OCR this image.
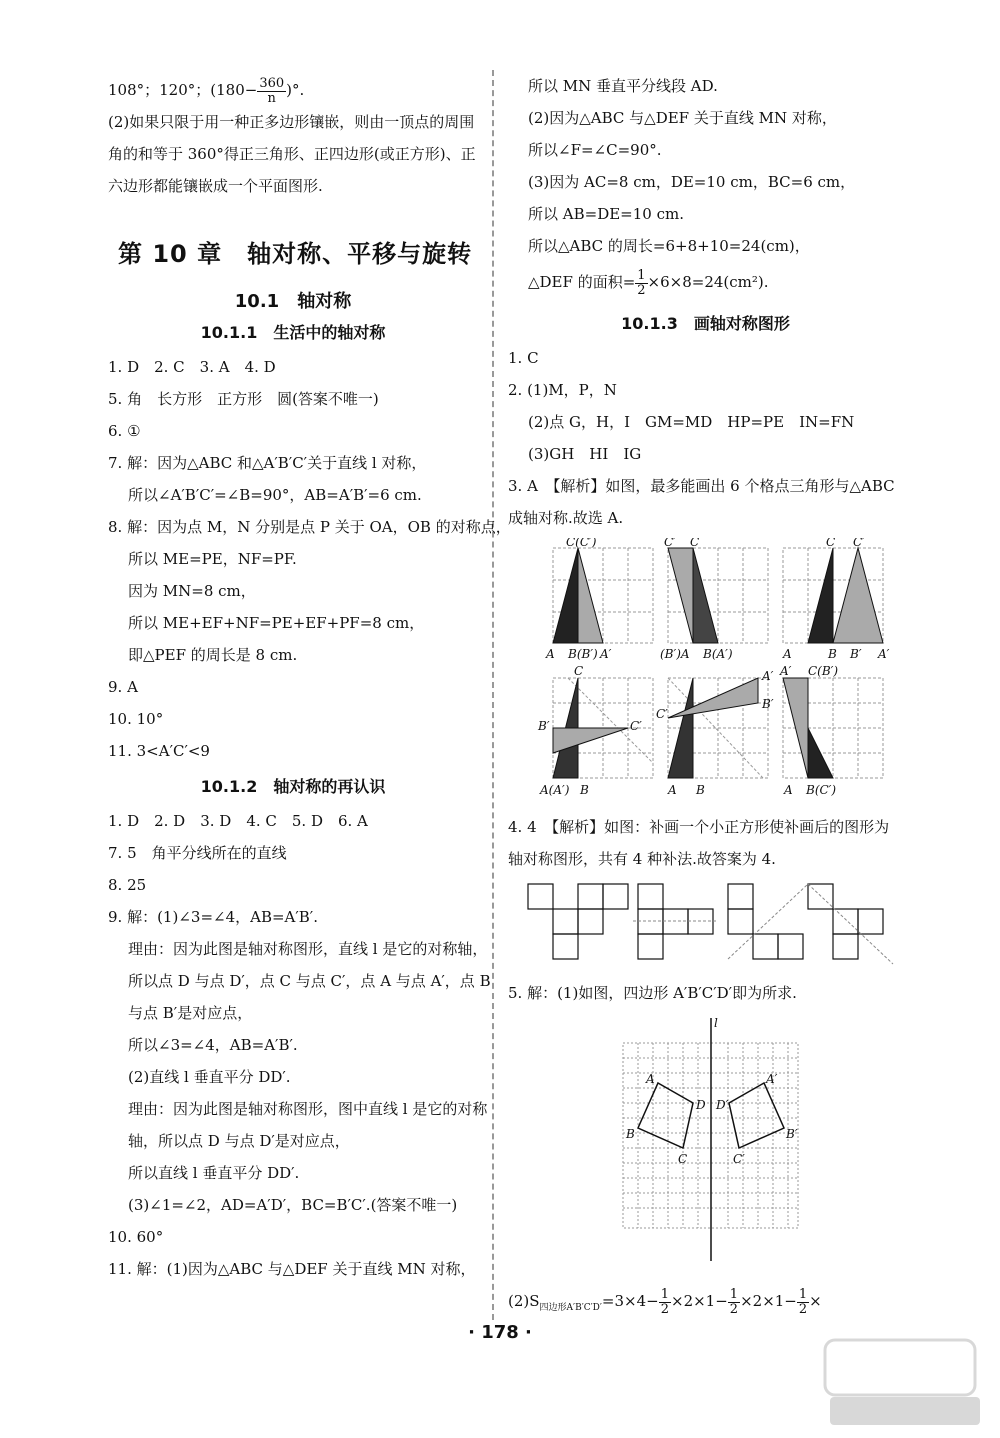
108°；120°；($180- \frac{360}{n}$ )°.
(2)如果只限于用一种正多边形镶嵌，则由一顶点的周围角的和等于 360°得正三角形、正四边形(或正方形)、正六边形都能镶嵌成一个平面图形.
第 10 章　轴对称、平移与旋转
10.1　轴对称
10.1.1　生活中的轴对称
1. D　2. C　3. A　4. D
5. 角　长方形　正方形　圆(答案不唯一)
6. ①
7. 解：因为△ABC 和△A′B′C′关于直线 l 对称，
所以∠A′B′C′=∠B=90°，AB=A′B′=6 cm.
8. 解：因为点 M，N 分别是点 P 关于 OA，OB 的对称点，
所以 ME=PE，NF=PF.
因为 MN=8 cm，
所以 ME+EF+NF=PE+EF+PF=8 cm，
即△PEF 的周长是 8 cm.
9. A
10. 10°
11. 3<A′C′<9
10.1.2　轴对称的再认识
1. D　2. D　3. D　4. C　5. D　6. A
7. 5　角平分线所在的直线
8. 25
9. 解：(1)∠3=∠4，AB=A′B′.
理由：因为此图是轴对称图形，直线 l 是它的对称轴，
所以点 D 与点 D′，点 C 与点 C′，点 A 与点 A′，点 B
与点 B′是对应点，
所以∠3=∠4，AB=A′B′.
(2)直线 l 垂直平分 DD′.
理由：因为此图是轴对称图形，图中直线 l 是它的对称
轴，所以点 D 与点 D′是对应点，
所以直线 l 垂直平分 DD′.
(3)∠1=∠2，AD=A′D′，BC=B′C′.(答案不唯一)
10. 60°
11. 解：(1)因为△ABC 与△DEF 关于直线 MN 对称，
所以 MN 垂直平分线段 AD.
(2)因为△ABC 与△DEF 关于直线 MN 对称，
所以∠F=∠C=90°.
(3)因为 AC=8 cm，DE=10 cm，BC=6 cm，
所以 AB=DE=10 cm.
所以△ABC 的周长=6+8+10=24(cm)，
△DEF 的面积= $\frac{1}{2} \times 6\times 8=24(cm^2)$.
10.1.3　画轴对称图形
1. C
2. (1)M，P，N
(2)点 G，H，I　GM=MD　HP=PE　IN=FN
(3)GH　HI　IG
3. A　【解析】如图，最多能画出 6 个格点三角形与△ABC 成轴对称.故选 A.
C(C′)
A B(B′) A′
C′ C
(B′)A B(A′)
C C′
A	B B′ A′
C
B′	C′
A(A′) B
C′
A′
B′
A B
A′ C(B′)
A B(C′)
4. 4　【解析】如图：补画一个小正方形使补画后的图形为轴对称图形，共有 4 种补法.故答案为 4.
5. 解：(1)如图，四边形 A′B′C′D′即为所求.
l
A
D
B
C
A′
D′
C′
B′
$(2)S_{四边形A'B'C'D'}=3\times 4- \frac{1}{2} \times 2\times 1- \frac{1}{2} \times 2\times 1- \frac{1}{2}$ ×
· 178 ·
